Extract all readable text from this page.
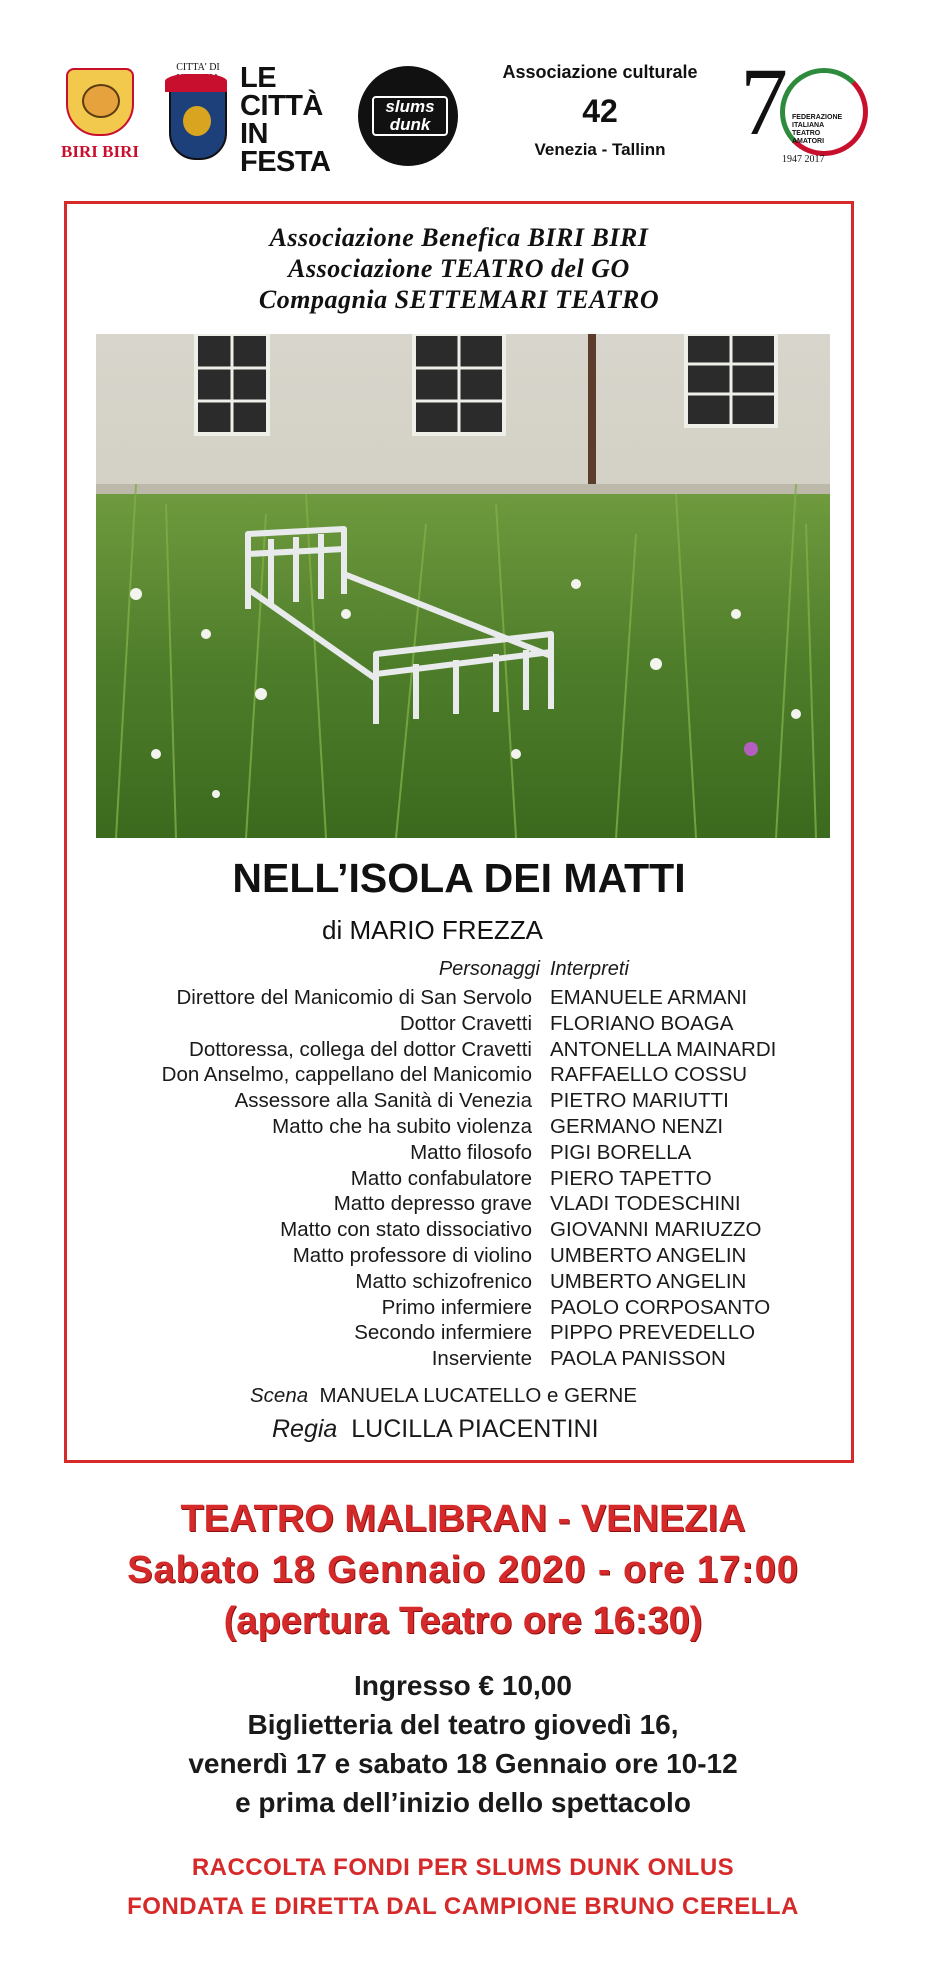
BIRI BIRI
CITTA' DI LE
CITTÀ
IN
FESTA
slums dunk
Associazione culturale
42
Venezia - Tallinn 7 FEDERAZIONE ITALIANA TEATRO AMATORI
1947 2017
Associazione Benefica BIRI BIRI
Associazione TEATRO del GO
Compagnia SETTEMARI TEATRO
NELL’ISOLA DEI MATTI
di MARIO FREZZA
Personaggi Interpreti
Direttore del Manicomio di San Servolo
Dottor Cravetti
Dottoressa, collega del dottor Cravetti
Don Anselmo, cappellano del Manicomio
Assessore alla Sanità di Venezia
Matto che ha subito violenza
Matto filosofo
Matto confabulatore
Matto depresso grave
Matto con stato dissociativo
Matto professore di violino
Matto schizofrenico
Primo infermiere
Secondo infermiere
Inserviente
EMANUELE ARMANI
FLORIANO BOAGA
ANTONELLA MAINARDI
RAFFAELLO COSSU
PIETRO MARIUTTI
GERMANO NENZI
PIGI BORELLA
PIERO TAPETTO
VLADI TODESCHINI
GIOVANNI MARIUZZO
UMBERTO ANGELIN
UMBERTO ANGELIN
PAOLO CORPOSANTO
PIPPO PREVEDELLO
PAOLA PANISSON
Scena MANUELA LUCATELLO e GERNE
Regia LUCILLA PIACENTINI
TEATRO MALIBRAN - VENEZIA
Sabato 18 Gennaio 2020 - ore 17:00
(apertura Teatro ore 16:30)
Ingresso € 10,00
Biglietteria del teatro giovedì 16,
venerdì 17 e sabato 18 Gennaio ore 10-12
e prima dell’inizio dello spettacolo
RACCOLTA FONDI PER SLUMS DUNK ONLUS
FONDATA E DIRETTA DAL CAMPIONE BRUNO CERELLA
